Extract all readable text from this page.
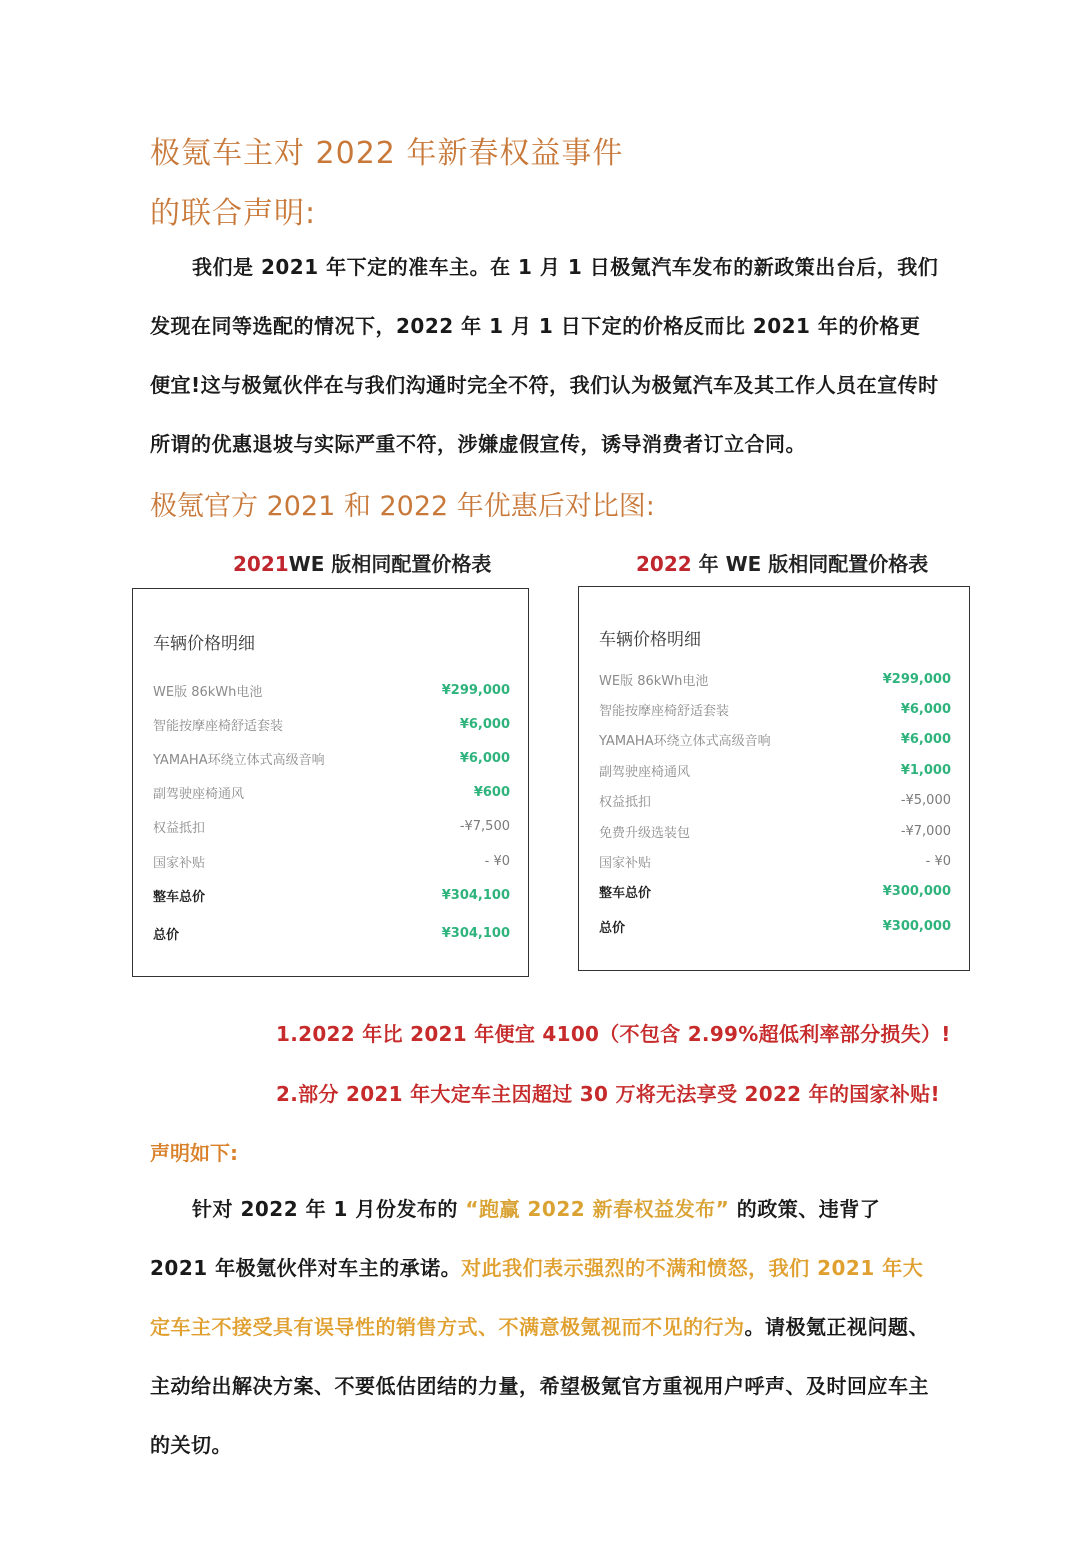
极氪车主对 2022 年新春权益事件
的联合声明:
我们是 2021 年下定的准车主。在 1 月 1 日极氪汽车发布的新政策出台后，我们发现在同等选配的情况下，2022 年 1 月 1 日下定的价格反而比 2021 年的价格更便宜!这与极氪伙伴在与我们沟通时完全不符，我们认为极氪汽车及其工作人员在宣传时所谓的优惠退坡与实际严重不符，涉嫌虚假宣传，诱导消费者订立合同。
极氪官方 2021 和 2022 年优惠后对比图:
2021WE 版相同配置价格表	2022 年 WE 版相同配置价格表
车辆价格明细
WE版 86kWh电池	¥299,000
智能按摩座椅舒适套装	¥6,000
YAMAHA环绕立体式高级音响	¥6,000
副驾驶座椅通风	¥600
权益抵扣	-¥7,500
国家补贴	- ¥0
整车总价	¥304,100
总价	¥304,100
车辆价格明细
WE版 86kWh电池	¥299,000
智能按摩座椅舒适套装	¥6,000
YAMAHA环绕立体式高级音响	¥6,000
副驾驶座椅通风	¥1,000
权益抵扣	-¥5,000
免费升级选装包	-¥7,000
国家补贴	- ¥0
整车总价	¥300,000
总价	¥300,000
1.2022 年比 2021 年便宜 4100（不包含 2.99%超低利率部分损失）!
2.部分 2021 年大定车主因超过 30 万将无法享受 2022 年的国家补贴!
声明如下:
针对 2022 年 1 月份发布的 “跑赢 2022 新春权益发布” 的政策、违背了 2021 年极氪伙伴对车主的承诺。对此我们表示强烈的不满和愤怒，我们 2021 年大定车主不接受具有误导性的销售方式、不满意极氪视而不见的行为。请极氪正视问题、主动给出解决方案、不要低估团结的力量，希望极氪官方重视用户呼声、及时回应车主的关切。
